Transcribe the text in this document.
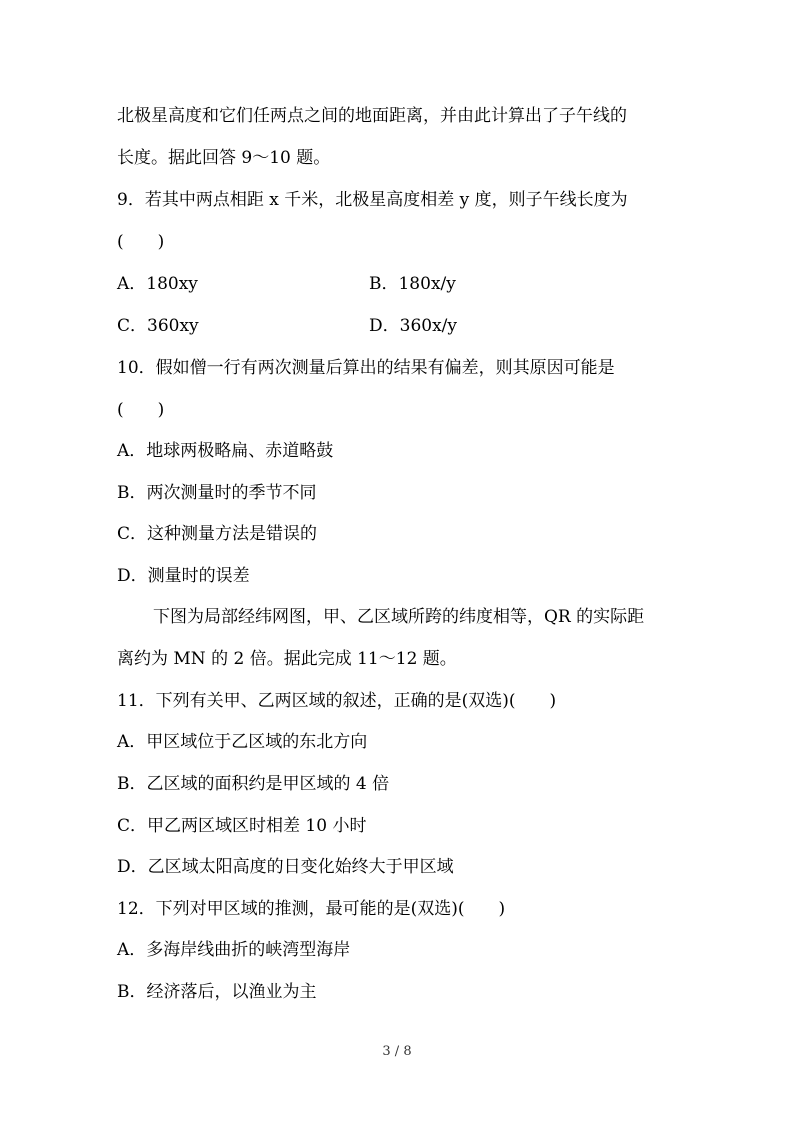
北极星高度和它们任两点之间的地面距离，并由此计算出了子午线的
长度。据此回答 9～10 题。
9．若其中两点相距 x 千米，北极星高度相差 y 度，则子午线长度为
(　　)
A．180xy	B．180x/y
C．360xy	D．360x/y
10．假如僧一行有两次测量后算出的结果有偏差，则其原因可能是
(　　)
A．地球两极略扁、赤道略鼓
B．两次测量时的季节不同
C．这种测量方法是错误的
D．测量时的误差
下图为局部经纬网图，甲、乙区域所跨的纬度相等，QR 的实际距
离约为 MN 的 2 倍。据此完成 11～12 题。
11．下列有关甲、乙两区域的叙述，正确的是(双选)(　　)
A．甲区域位于乙区域的东北方向
B．乙区域的面积约是甲区域的 4 倍
C．甲乙两区域区时相差 10 小时
D．乙区域太阳高度的日变化始终大于甲区域
12．下列对甲区域的推测，最可能的是(双选)(　　)
A．多海岸线曲折的峡湾型海岸
B．经济落后，以渔业为主
3 / 8
